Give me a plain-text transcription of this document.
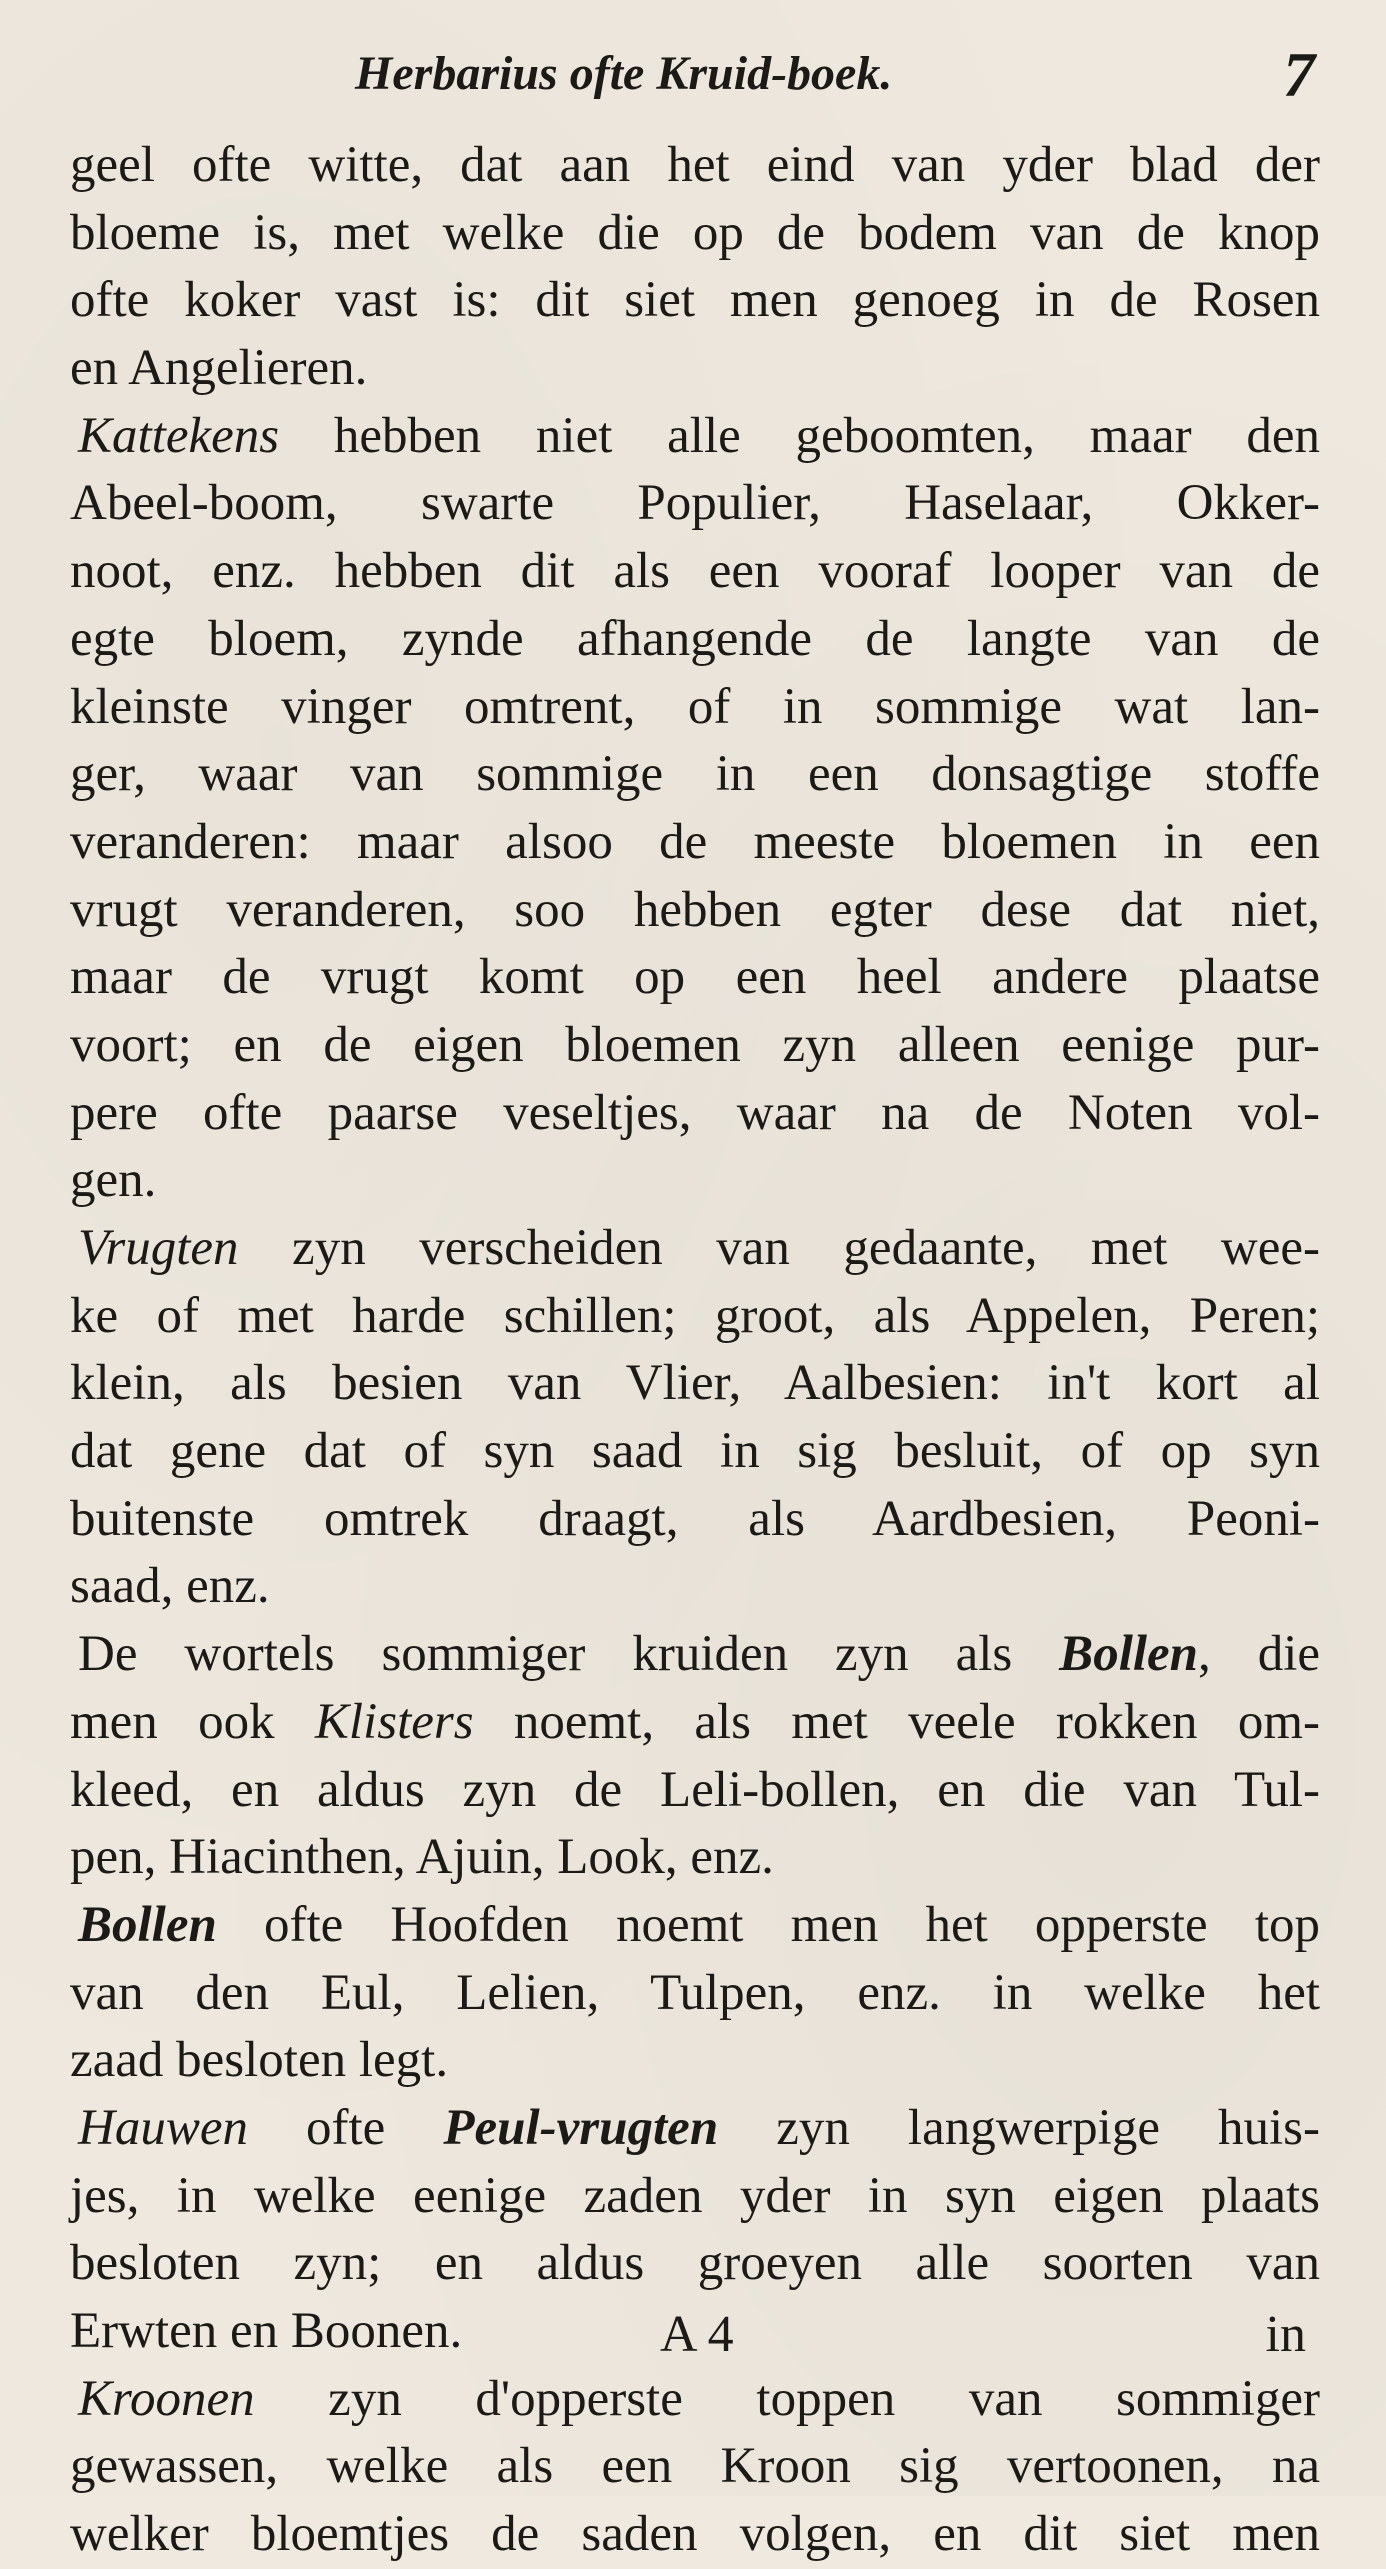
Herbarius ofte Kruid-boek.	7
geel ofte witte, dat aan het eind van yder blad der
bloeme is, met welke die op de bodem van de knop
ofte koker vast is: dit siet men genoeg in de Rosen
en Angelieren.
Kattekens hebben niet alle geboomten, maar den
Abeel-boom, swarte Populier, Haselaar, Okker-
noot, enz. hebben dit als een vooraf looper van de
egte bloem, zynde afhangende de langte van de
kleinste vinger omtrent, of in sommige wat lan-
ger, waar van sommige in een donsagtige stoffe
veranderen: maar alsoo de meeste bloemen in een
vrugt veranderen, soo hebben egter dese dat niet,
maar de vrugt komt op een heel andere plaatse
voort; en de eigen bloemen zyn alleen eenige pur-
pere ofte paarse veseltjes, waar na de Noten vol-
gen.
Vrugten zyn verscheiden van gedaante, met wee-
ke of met harde schillen; groot, als Appelen, Peren;
klein, als besien van Vlier, Aalbesien: in't kort al
dat gene dat of syn saad in sig besluit, of op syn
buitenste omtrek draagt, als Aardbesien, Peoni-
saad, enz.
De wortels sommiger kruiden zyn als Bollen, die
men ook Klisters noemt, als met veele rokken om-
kleed, en aldus zyn de Leli-bollen, en die van Tul-
pen, Hiacinthen, Ajuin, Look, enz.
Bollen ofte Hoofden noemt men het opperste top
van den Eul, Lelien, Tulpen, enz. in welke het
zaad besloten legt.
Hauwen ofte Peul-vrugten zyn langwerpige huis-
jes, in welke eenige zaden yder in syn eigen plaats
besloten zyn; en aldus groeyen alle soorten van
Erwten en Boonen.
Kroonen zyn d'opperste toppen van sommiger
gewassen, welke als een Kroon sig vertoonen, na
welker bloemtjes de saden volgen, en dit siet men
A 4	in
